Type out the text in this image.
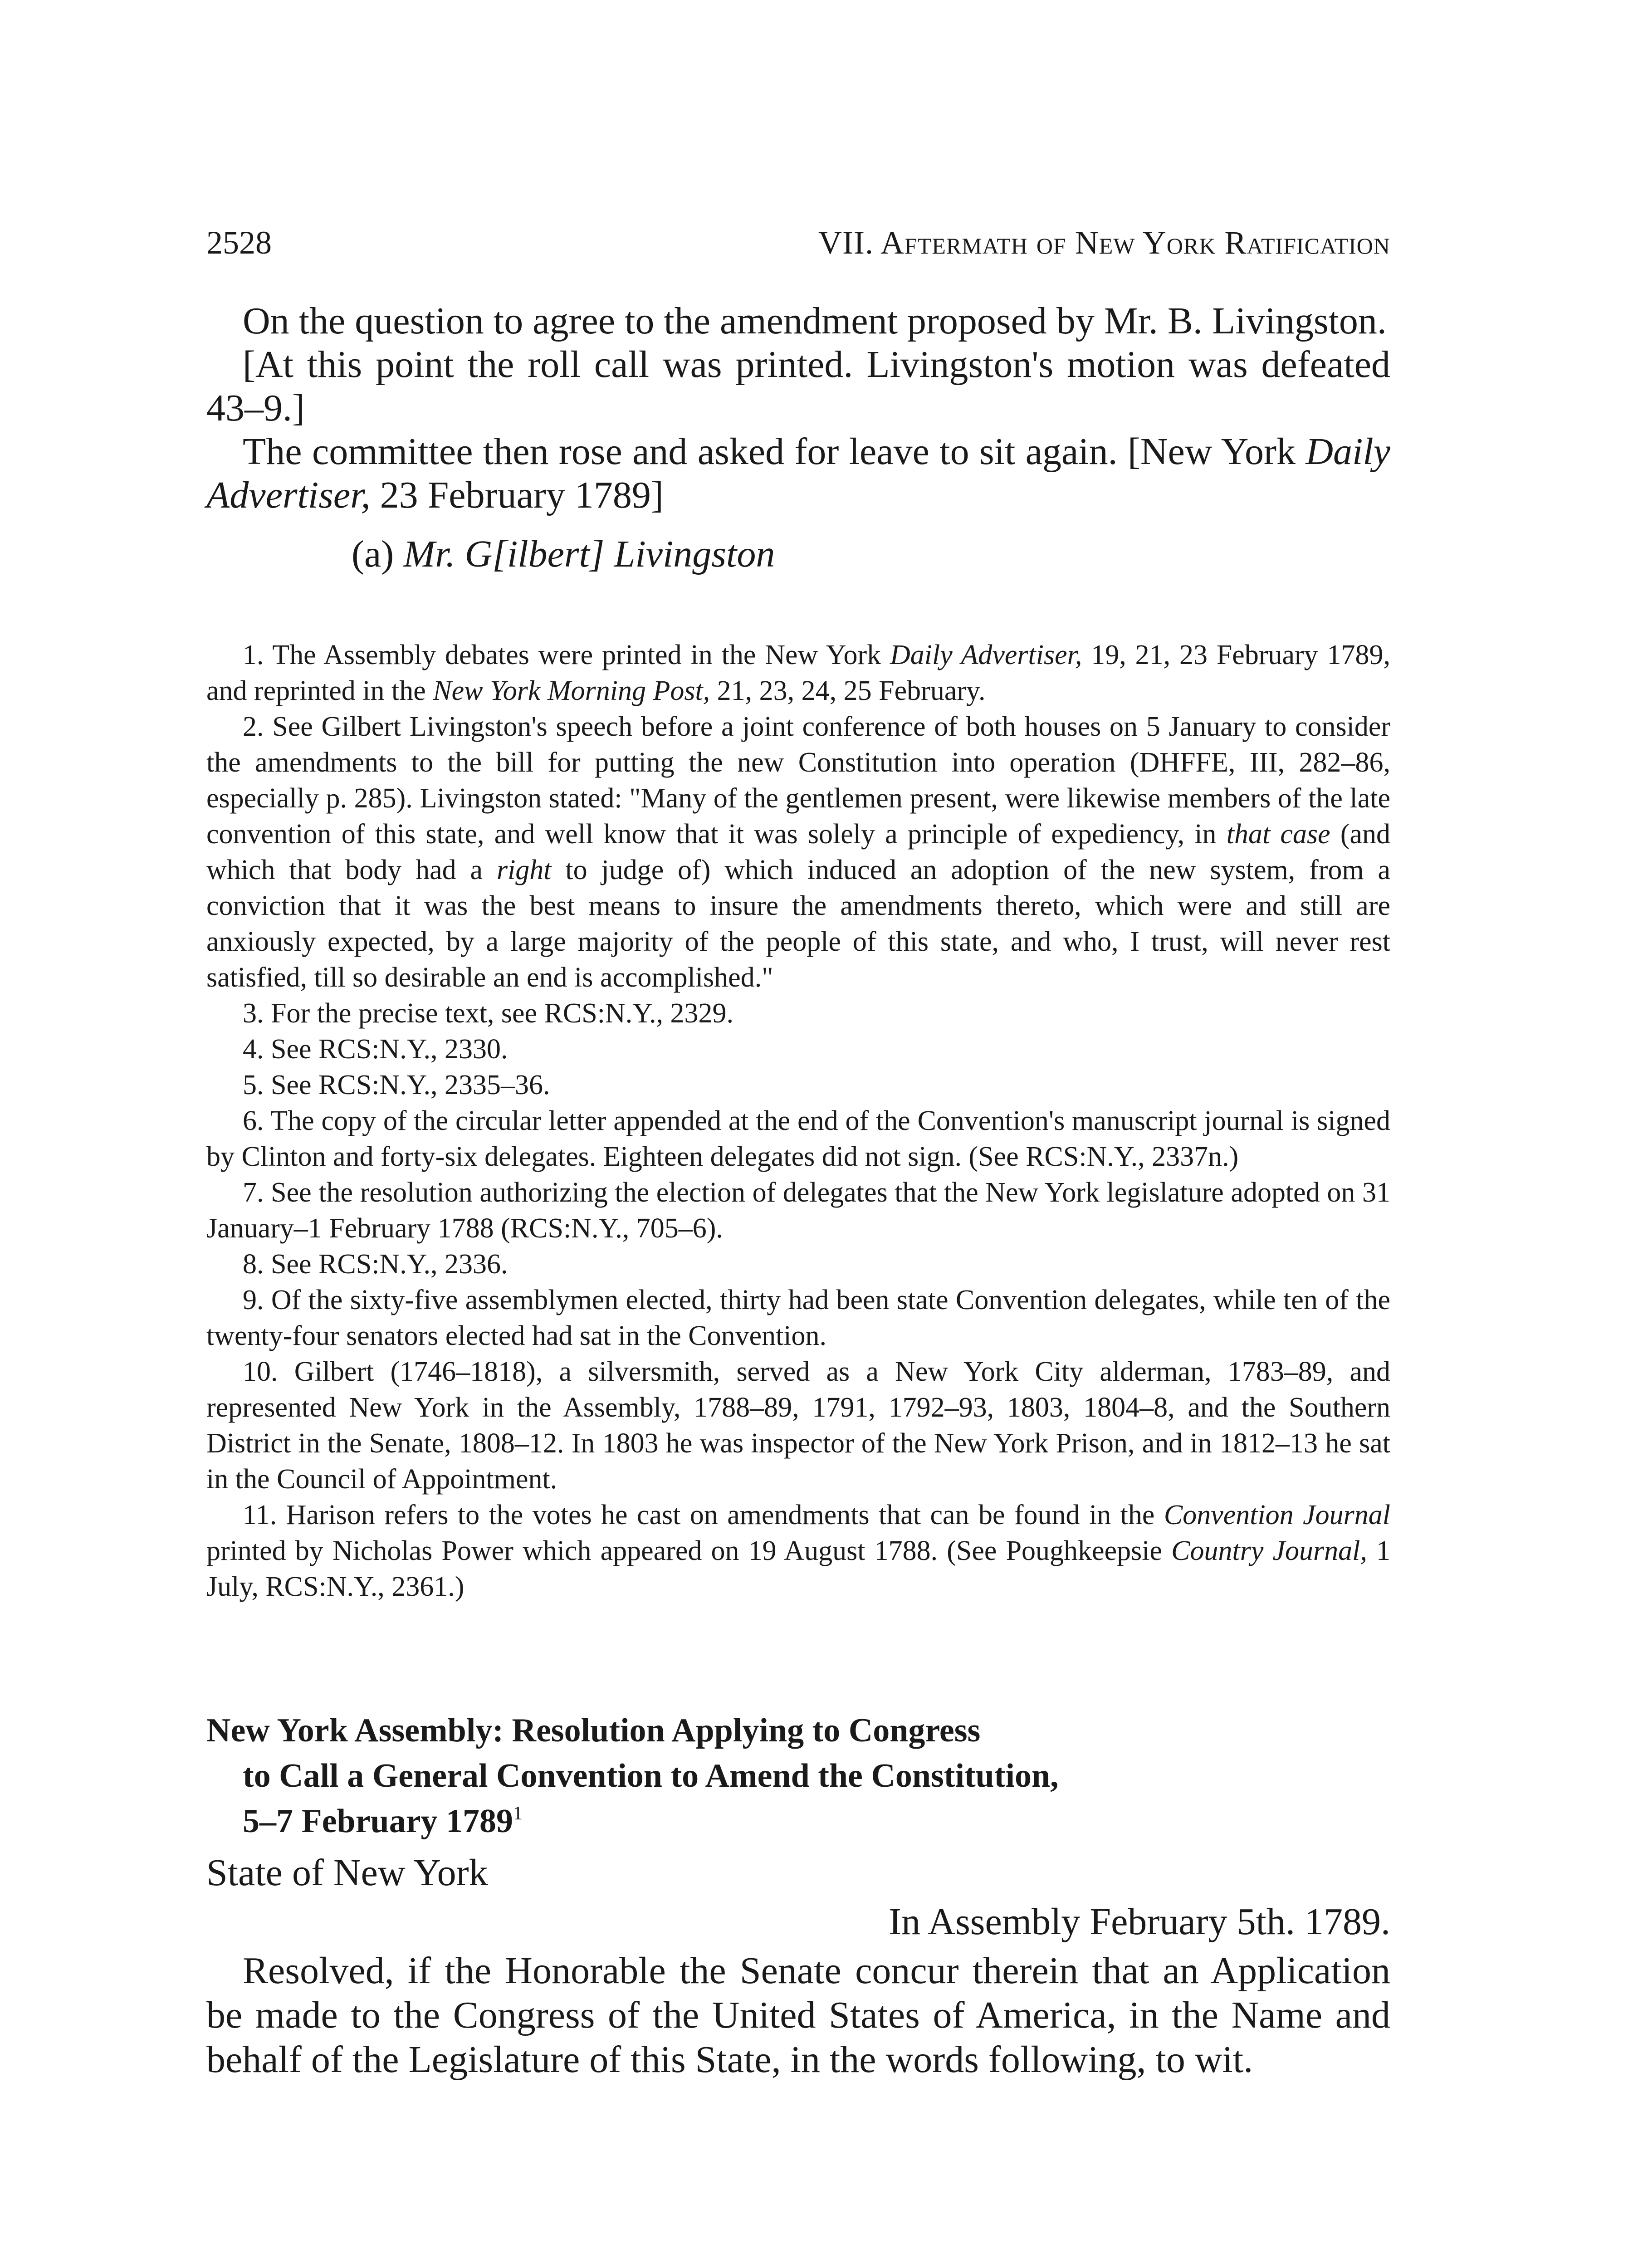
2528	VII. Aftermath of New York Ratification

On the question to agree to the amendment proposed by Mr. B. Livingston.

[At this point the roll call was printed. Livingston's motion was defeated 43–9.]

The committee then rose and asked for leave to sit again. [New York Daily Advertiser, 23 February 1789]

(a) Mr. G[ilbert] Livingston

1. The Assembly debates were printed in the New York Daily Advertiser, 19, 21, 23 February 1789, and reprinted in the New York Morning Post, 21, 23, 24, 25 February.

2. See Gilbert Livingston's speech before a joint conference of both houses on 5 January to consider the amendments to the bill for putting the new Constitution into operation (DHFFE, III, 282–86, especially p. 285). Livingston stated: "Many of the gentlemen present, were likewise members of the late convention of this state, and well know that it was solely a principle of expediency, in that case (and which that body had a right to judge of) which induced an adoption of the new system, from a conviction that it was the best means to insure the amendments thereto, which were and still are anxiously expected, by a large majority of the people of this state, and who, I trust, will never rest satisfied, till so desirable an end is accomplished."

3. For the precise text, see RCS:N.Y., 2329.

4. See RCS:N.Y., 2330.

5. See RCS:N.Y., 2335–36.

6. The copy of the circular letter appended at the end of the Convention's manuscript journal is signed by Clinton and forty-six delegates. Eighteen delegates did not sign. (See RCS:N.Y., 2337n.)

7. See the resolution authorizing the election of delegates that the New York legislature adopted on 31 January–1 February 1788 (RCS:N.Y., 705–6).

8. See RCS:N.Y., 2336.

9. Of the sixty-five assemblymen elected, thirty had been state Convention delegates, while ten of the twenty-four senators elected had sat in the Convention.

10. Gilbert (1746–1818), a silversmith, served as a New York City alderman, 1783–89, and represented New York in the Assembly, 1788–89, 1791, 1792–93, 1803, 1804–8, and the Southern District in the Senate, 1808–12. In 1803 he was inspector of the New York Prison, and in 1812–13 he sat in the Council of Appointment.

11. Harison refers to the votes he cast on amendments that can be found in the Convention Journal printed by Nicholas Power which appeared on 19 August 1788. (See Poughkeepsie Country Journal, 1 July, RCS:N.Y., 2361.)

New York Assembly: Resolution Applying to Congress
to Call a General Convention to Amend the Constitution,
5–7 February 1789$^1$

State of New York

In Assembly February 5th. 1789.

Resolved, if the Honorable the Senate concur therein that an Application be made to the Congress of the United States of America, in the Name and behalf of the Legislature of this State, in the words following, to wit.
